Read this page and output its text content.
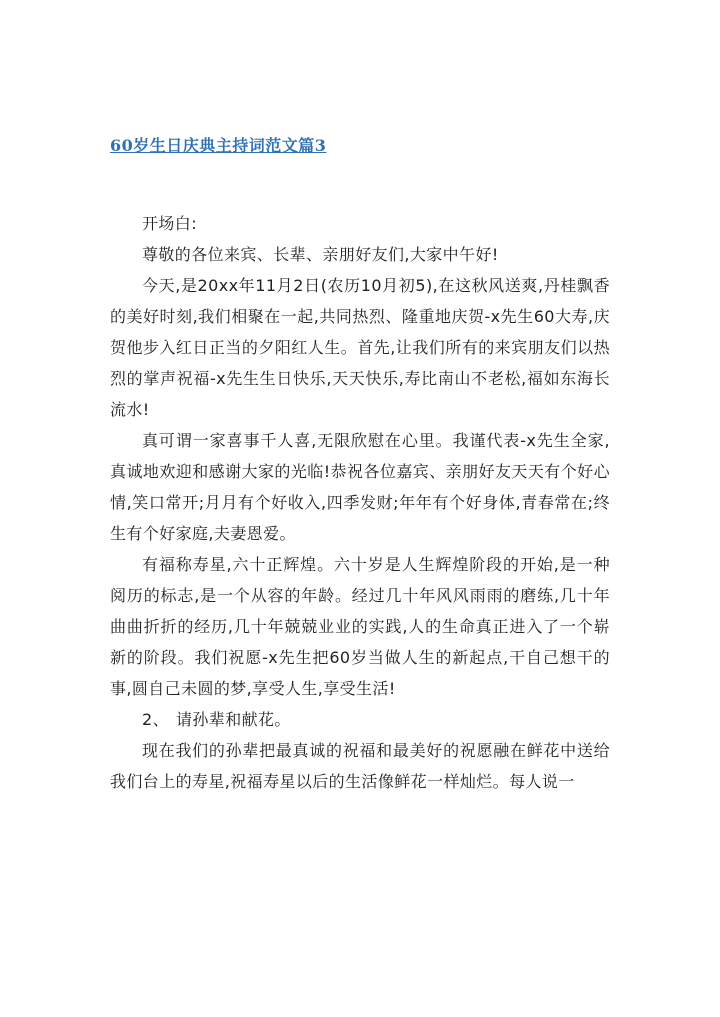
60岁生日庆典主持词范文篇3

开场白:

尊敬的各位来宾、长辈、亲朋好友们,大家中午好!

今天,是20xx年11月2日(农历10月初5),在这秋风送爽,丹桂飘香的美好时刻,我们相聚在一起,共同热烈、隆重地庆贺-x先生60大寿,庆贺他步入红日正当的夕阳红人生。首先,让我们所有的来宾朋友们以热烈的掌声祝福-x先生生日快乐,天天快乐,寿比南山不老松,福如东海长流水!

真可谓一家喜事千人喜,无限欣慰在心里。我谨代表-x先生全家,真诚地欢迎和感谢大家的光临!恭祝各位嘉宾、亲朋好友天天有个好心情,笑口常开;月月有个好收入,四季发财;年年有个好身体,青春常在;终生有个好家庭,夫妻恩爱。

有福称寿星,六十正辉煌。六十岁是人生辉煌阶段的开始,是一种阅历的标志,是一个从容的年龄。经过几十年风风雨雨的磨练,几十年曲曲折折的经历,几十年兢兢业业的实践,人的生命真正进入了一个崭新的阶段。我们祝愿-x先生把60岁当做人生的新起点,干自己想干的事,圆自己未圆的梦,享受人生,享受生活!

2、 请孙辈和献花。

现在我们的孙辈把最真诚的祝福和最美好的祝愿融在鲜花中送给我们台上的寿星,祝福寿星以后的生活像鲜花一样灿烂。每人说一
